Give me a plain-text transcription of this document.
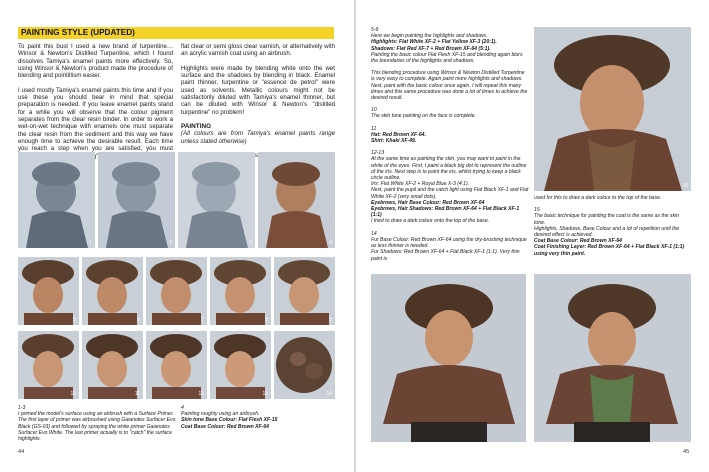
PAINTING STYLE (UPDATED)

To paint this bust I used a new brand of turpentine… Winsor & Newton's Distilled Turpentine, which I found dissolves Tamiya's enamel paints more effectively. So, using Winsor & Newton's product made the procedure of blending and pointillism easier.

I used mostly Tamiya's enamel paints this time and if you use these you should bear in mind that special preparation is needed. If you leave enamel paints stand for a while you will observe that the colour pigment separates from the clear resin binder. In order to work a wet-on-wet technique with enamels one must separate the clear resin from the sediment and this way we have enough time to achieve the desirable result. Each time you reach a step when you are satisfied, you must

flat clear or semi gloss clear varnish, or alternatively with an acrylic varnish coat using an airbrush.

Highlights were made by blending white onto the wet surface and the shadows by blending in black. Enamel paint thinner, turpentine or "essence de petrol" were used as solvents. Metallic colours might not be satisfactorily diluted with Tamiya's enamel thinner, but can be diluted with Winsor & Newton's "distilled turpentine" no problem!

PAINTING

(All colours are from Tamiya's enamel paints range unless stated otherwise)

1	2	3	4
5	6	7	8	9
10	11	12	13	14
1-3
I primed the model's surface using an airbrush with a Surface Primer. The first layer of primer was airbrushed using Gaianotes Surfacer Evo Black (GS-03) and followed by spraying the white primer Gaianotes Surfacer Evo White. The last primer actually is to "catch" the surface highlights.
4
Painting roughly using an airbrush.
Skin tone Base Colour: Flat Flesh XF-15
Coat Base Colour: Red Brown XF-64
44
5-9
Here we begin painting the highlights and shadows.
Highlights: Flat White XF-2 + Flat Yellow XF-3 (20:1).
Shadows: Flat Red XF-7 + Red Brown XF-64 (5:1).

Painting the basic colour Flat Flesh XF-15 and blending again blurs the boundaries of the highlights and shadows.

This blending procedure using Winsor & Newton Distilled Turpentine is very easy to complete. Again paint more highlights and shadows. Next, paint with the basic colour once again. I will repeat this many times and this same procedure was done a lot of times to achieve the desired result.

10

The skin tone painting on the face is complete.

11
Hat: Red Brown XF-64.

Shirt: Khaki XF-49.

12-13
At the same time as painting the skin, you may want to paint in the white of the eyes. First, I paint a black big dot to represent the outline of the iris. Next step is to paint the iris, whilst trying to keep a black circle outline.
Iris: Flat White XF-2 + Royal Blue X-3 (4:1).
Next, paint the pupil and the catch light using Flat Black XF-1 and Flat White XF-2 (very small dots).
Eyebrows, Hair Base Colour: Red Brown XF-64
Eyebrows, Hair Shadows: Red Brown XF-64 + Flat Black XF-1 (1:1)

I tried to draw a dark colour onto the top of the base.

14
Fur Base Colour: Red Brown XF-64 using the dry-brushing technique as less thinner is needed.
Fur Shadows: Red Brown XF-64 + Flat Black XF-1 (1:1). Very thin paint is
15

used for this to draw a dark colour to the top of the base.

15
The basic technique for painting the coat is the same as the skin tone.
Highlights, Shadows, Base Colour and a lot of repetition until the desired effect is achieved.
Coat Base Colour: Red Brown XF-64
Coat Finishing Layer: Red Brown XF-64 + Flat Black XF-1 (1:1) using very thin paint.
45
